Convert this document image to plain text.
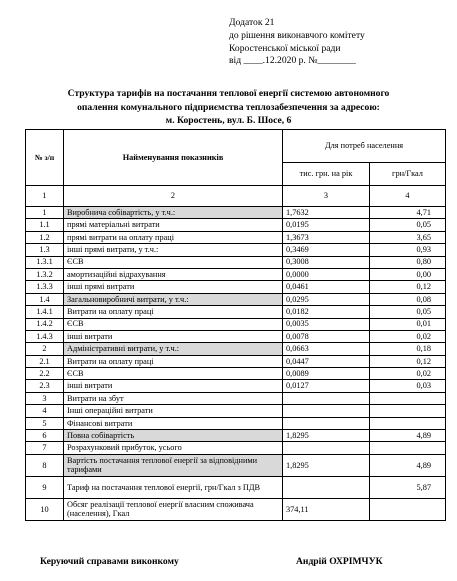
Додаток 21
до рішення виконавчого комітету
Коростенської міської ради
від ____.12.2020 р. №________
Структура тарифів на постачання теплової енергії системою автономного
опалення комунального підприємства теплозабезпечення за адресою:
м. Коростень, вул. Б. Шосе, 6
№ з/п	Найменування показників	Для потреб населення	
		тис. грн. на рік	грн/Гкал
1	2	3	4
1	Виробнича собівартість, у т.ч.:	1,7632	4,71
1.1	прямі матеріальні витрати	0,0195	0,05
1.2	прямі витрати на оплату праці	1,3673	3,65
1.3	інші прямі витрати, у т.ч.:	0,3469	0,93
1.3.1	ЄСВ	0,3008	0,80
1.3.2	амортизаційні відрахування	0,0000	0,00
1.3.3	інші прямі витрати	0,0461	0,12
1.4	Загальновиробничі витрати, у т.ч.:	0,0295	0,08
1.4.1	Витрати на оплату праці	0,0182	0,05
1.4.2	ЄСВ	0,0035	0,01
1.4.3	інші витрати	0,0078	0,02
2	Адміністративні витрати, у т.ч.:	0,0663	0,18
2.1	Витрати на оплату праці	0,0447	0,12
2.2	ЄСВ	0,0089	0,02
2.3	інші витрати	0,0127	0,03
3	Витрати на збут		
4	Інші операційні витрати		
5	Фінансові витрати		
6	Повна собівартість	1,8295	4,89
7	Розрахунковий прибуток, усього		
8	Вартість постачання теплової енергії за відповідними тарифами	1,8295	4,89
9	Тариф на постачання теплової енергії, грн/Гкал з ПДВ		5,87
10	Обсяг реалізації теплової енергії власним споживача (населення), Гкал	374,11	
Керуючий справами виконкому	Андрій ОХРІМЧУК
